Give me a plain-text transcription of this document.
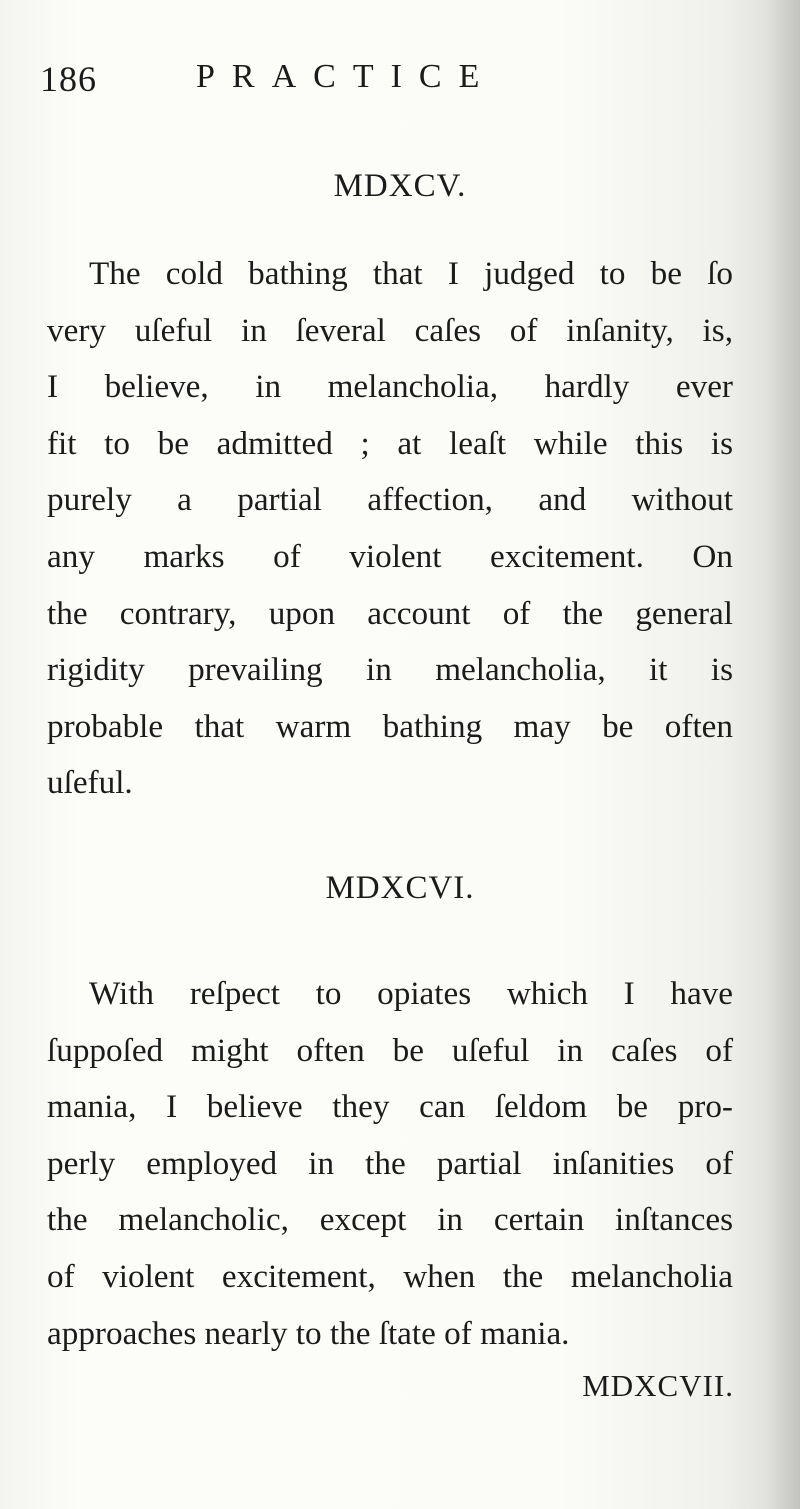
186	PRACTICE
MDXCV.
The cold bathing that I judged to be ſo
very uſeful in ſeveral caſes of inſanity, is,
I believe, in melancholia, hardly ever
fit to be admitted ; at leaſt while this is
purely a partial affection, and without
any marks of violent excitement. On
the contrary, upon account of the general
rigidity prevailing in melancholia, it is
probable that warm bathing may be often
uſeful.
MDXCVI.
With reſpect to opiates which I have
ſuppoſed might often be uſeful in caſes of
mania, I believe they can ſeldom be pro-
perly employed in the partial inſanities of
the melancholic, except in certain inſtances
of violent excitement, when the melancholia
approaches nearly to the ſtate of mania.
MDXCVII.
